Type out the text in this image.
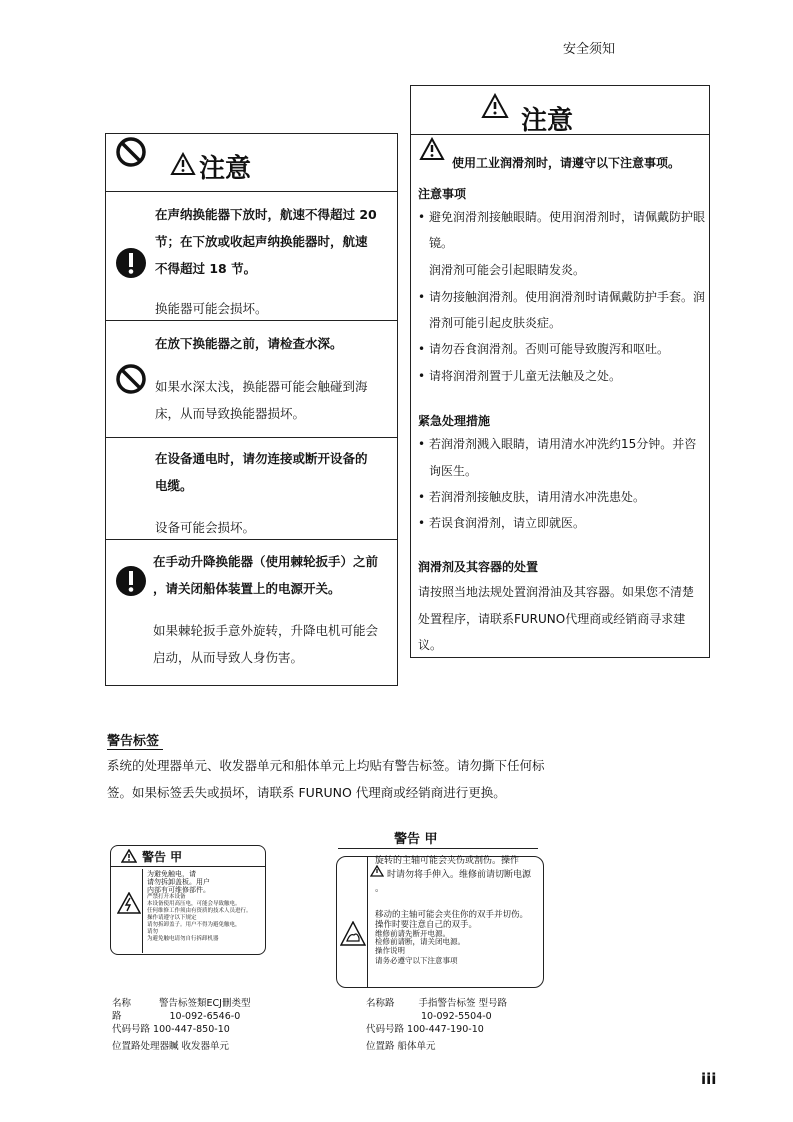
安全须知
注意
在声纳换能器下放时，航速不得超过 20
节；在下放或收起声纳换能器时，航速
不得超过 18 节。
换能器可能会损坏。
在放下换能器之前，请检查水深。
如果水深太浅，换能器可能会触碰到海
床，从而导致换能器损坏。
在设备通电时，请勿连接或断开设备的
电缆。
设备可能会损坏。
在手动升降换能器（使用棘轮扳手）之前
，请关闭船体装置上的电源开关。
如果棘轮扳手意外旋转，升降电机可能会
启动，从而导致人身伤害。
注意
使用工业润滑剂时，请遵守以下注意事项。
注意事项
• 避免润滑剂接触眼睛。使用润滑剂时，请佩戴防护眼
镜。
润滑剂可能会引起眼睛发炎。
• 请勿接触润滑剂。使用润滑剂时请佩戴防护手套。润
滑剂可能引起皮肤炎症。
• 请勿吞食润滑剂。否则可能导致腹泻和呕吐。
• 请将润滑剂置于儿童无法触及之处。
紧急处理措施
• 若润滑剂溅入眼睛，请用清水冲洗约15分钟。并咨
询医生。
• 若润滑剂接触皮肤，请用清水冲洗患处。
• 若误食润滑剂，请立即就医。
润滑剂及其容器的处置
请按照当地法规处置润滑油及其容器。如果您不清楚
处置程序，请联系FURUNO代理商或经销商寻求建
议。
警告标签
系统的处理器单元、收发器单元和船体单元上均贴有警告标签。请勿撕下任何标
签。如果标签丢失或损坏，请联系 FURUNO 代理商或经销商进行更换。
警告 甲
为避免触电，请
请勿拆卸盖板。用户
内部有可维修部件。
严禁打开本设备
本设备使用高压电，可能会导致触电。
任何维修工作须由有资质的技术人员进行。
操作请遵守以下规定
请勿拆卸盖子。用户不得为避免触电，
请勿
为避免触电请勿自行拆卸机器
名称	警告标签類ECJ刪类型
路	10-092-6546-0
代码号路 100-447-850-10
位置路处理器贓 收发器单元
警告 甲
旋转的主轴可能会夹伤或割伤。操作
时请勿将手伸入。维修前请切断电源
。
移动的主轴可能会夹住你的双手并切伤。
操作时要注意自己的双手。
维修前请先断开电源。
检修前请断，请关闭电源。
操作说明
请务必遵守以下注意事项
名称路	手指警告标签 型号路
10-092-5504-0
代码号路 100-447-190-10
位置路 船体单元
iii
